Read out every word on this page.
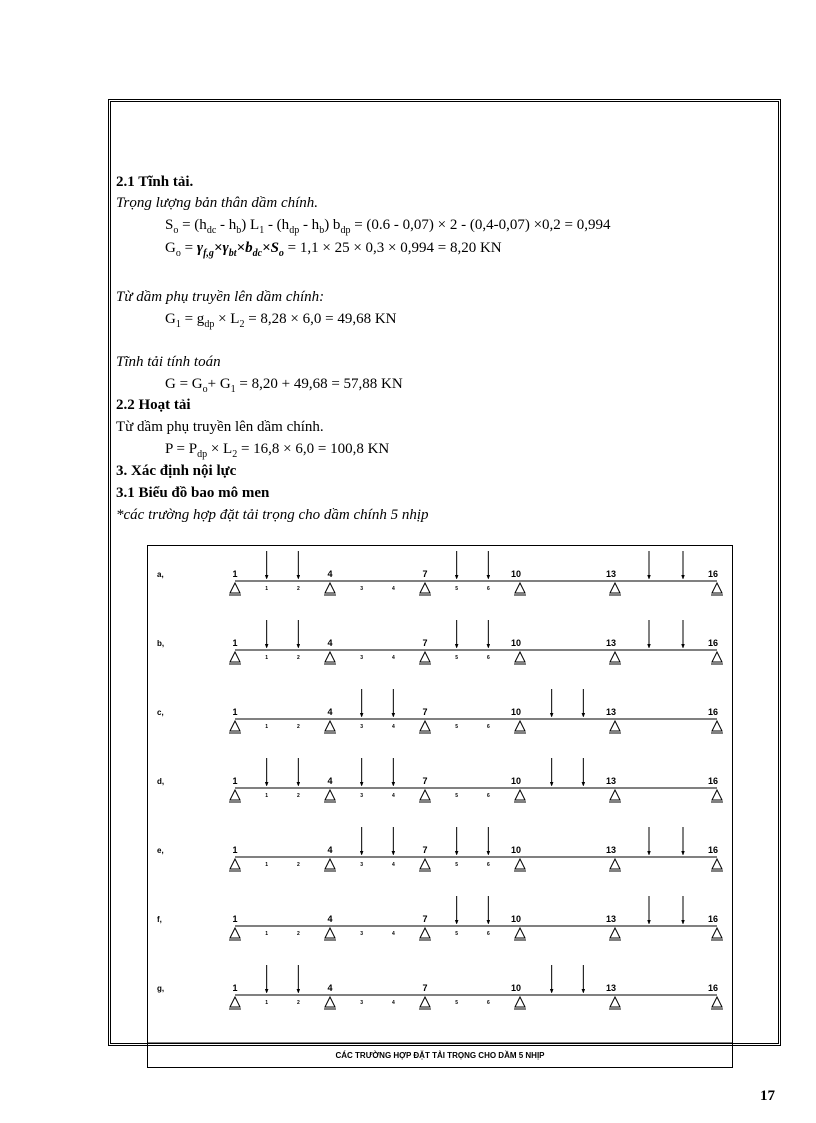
2.1 Tĩnh tải.
Trọng lượng bản thân dầm chính.
$S_o = (h_{dc} - h_b)$ $L_1 - (h_{dp} - h_b) b_{dp} = (0.6 - 0,07) \times 2 - (0,4-0,07) \times 0,2 = 0,994$
$G_o = \gamma_{f,g}\times\gamma_{bt}\times b_{dc}\times S_o = 1,1 \times 25 \times 0,3 \times 0,994 = 8,20$ KN
Từ dầm phụ truyền lên dầm chính:
$G_1 = g_{dp} \times L_2 = 8,28 \times 6,0 = 49,68$ KN
Tĩnh tải tính toán
$G = G_o+ G_1 = 8,20 + 49,68 = 57,88$ KN
2.2 Hoạt tải
Từ dầm phụ truyền lên dầm chính.
$P = P_{dp} \times L_2 = 16,8 \times 6,0 = 100,8$ KN
3. Xác định nội lực
3.1 Biểu đồ bao mô men
*các trường hợp đặt tải trọng cho dầm chính 5 nhịp
CÁC TRƯỜNG HỢP ĐẶT TẢI TRỌNG CHO DẦM 5 NHỊP
a,	1	4	7	10	13	16
1	2	3	4	5	6
b,	1	4	7	10	13	16
1	2	3	4	5	6
c,	1	4	7	10	13	16
1	2	3	4	5	6
d,	1	4	7	10	13	16
1	2	3	4	5	6
e,	1	4	7	10	13	16
1	2	3	4	5	6
f,	1	4	7	10	13	16
1	2	3	4	5	6
g,	1	4	7	10	13	16
1	2	3	4	5	6
17
